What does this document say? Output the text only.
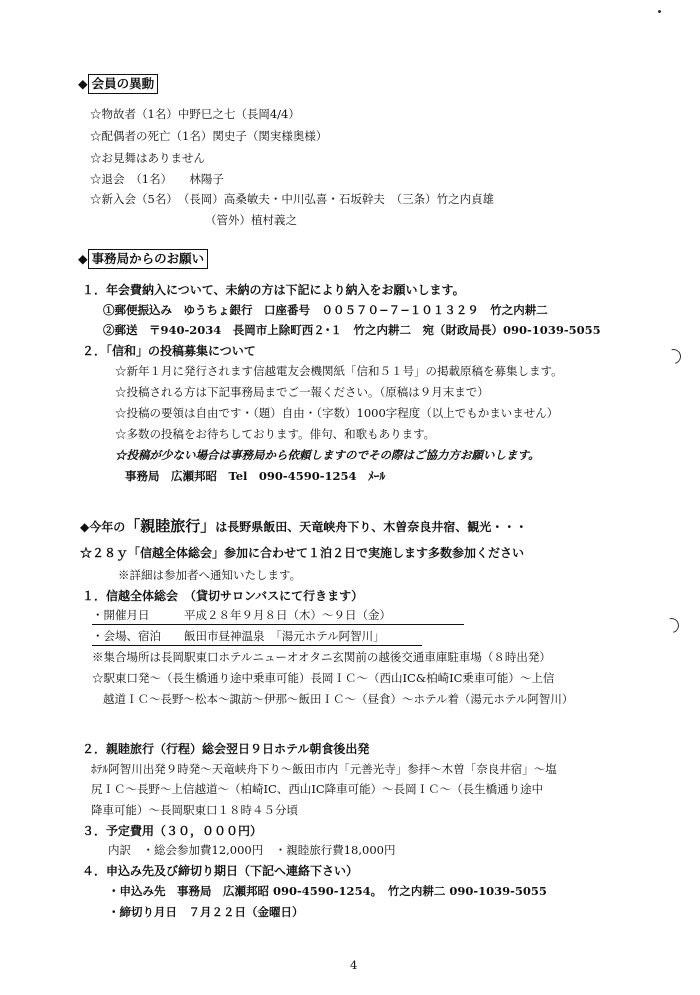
◆ 会員の異動
☆物故者（1名）中野巳之七（長岡4/4）
☆配偶者の死亡（1名）関史子（関実様奥様）
☆お見舞はありません
☆退会　（1名）　　林陽子
☆新入会（5名）　（長岡）高桑敏夫・中川弘喜・石坂幹夫　（三条）竹之内貞雄
（管外）植村義之
◆ 事務局からのお願い
１．年会費納入について、未納の方は下記により納入をお願いします。
①郵便振込み　ゆうちょ銀行　口座番号　００５７０−７−１０１３２９　竹之内耕二
②郵送　〒940-2034　長岡市上除町西２･１　竹之内耕二　宛（財政局長）090-1039-5055
２．「信和」の投稿募集について
☆新年１月に発行されます信越電友会機関紙「信和５１号」の掲載原稿を募集します。
☆投稿される方は下記事務局までご一報ください。（原稿は９月末まで）
☆投稿の要領は自由です・（題）自由・（字数）1000字程度（以上でもかまいません）
☆多数の投稿をお待ちしております。俳句、和歌もあります。
☆投稿が少ない場合は事務局から依頼しますのでその際はご協力方お願いします。
事務局　広瀬邦昭　Tel　090-4590-1254　ﾒｰﾙ
◆今年の「親睦旅行」は長野県飯田、天竜峡舟下り、木曽奈良井宿、観光・・・
☆２８ｙ「信越全体総会」参加に合わせて１泊２日で実施します多数参加ください
※詳細は参加者へ通知いたします。
１．信越全体総会　（貸切サロンバスにて行きます）
・開催月日　　　平成２８年９月８日（木）〜９日（金）
・会場、宿泊　　飯田市昼神温泉　「湯元ホテル阿智川」
※集合場所は長岡駅東口ホテルニューオオタニ玄関前の越後交通車庫駐車場（８時出発）
☆駅東口発〜（長生橋通り途中乗車可能）長岡ＩＣ〜（西山IC&柏崎IC乗車可能）〜上信
越道ＩＣ〜長野〜松本〜諏訪〜伊那〜飯田ＩＣ〜（昼食）〜ホテル着（湯元ホテル阿智川）
２．親睦旅行（行程）総会翌日９日ホテル朝食後出発
ﾎﾃﾙ阿智川出発９時発〜天竜峡舟下り〜飯田市内「元善光寺」参拝〜木曽「奈良井宿」〜塩
尻ＩＣ〜長野〜上信越道〜（柏崎IC、西山IC降車可能）〜長岡ＩＣ〜（長生橋通り途中
降車可能）〜長岡駅東口１８時４５分頃
３．予定費用（３０，０００円）
内訳　・総会参加費12,000円　・親睦旅行費18,000円
４．申込み先及び締切り期日（下記へ連絡下さい）
・申込み先　事務局　広瀬邦昭 090-4590-1254。　竹之内耕二 090-1039-5055
・締切り月日　７月２２日（金曜日）
4
